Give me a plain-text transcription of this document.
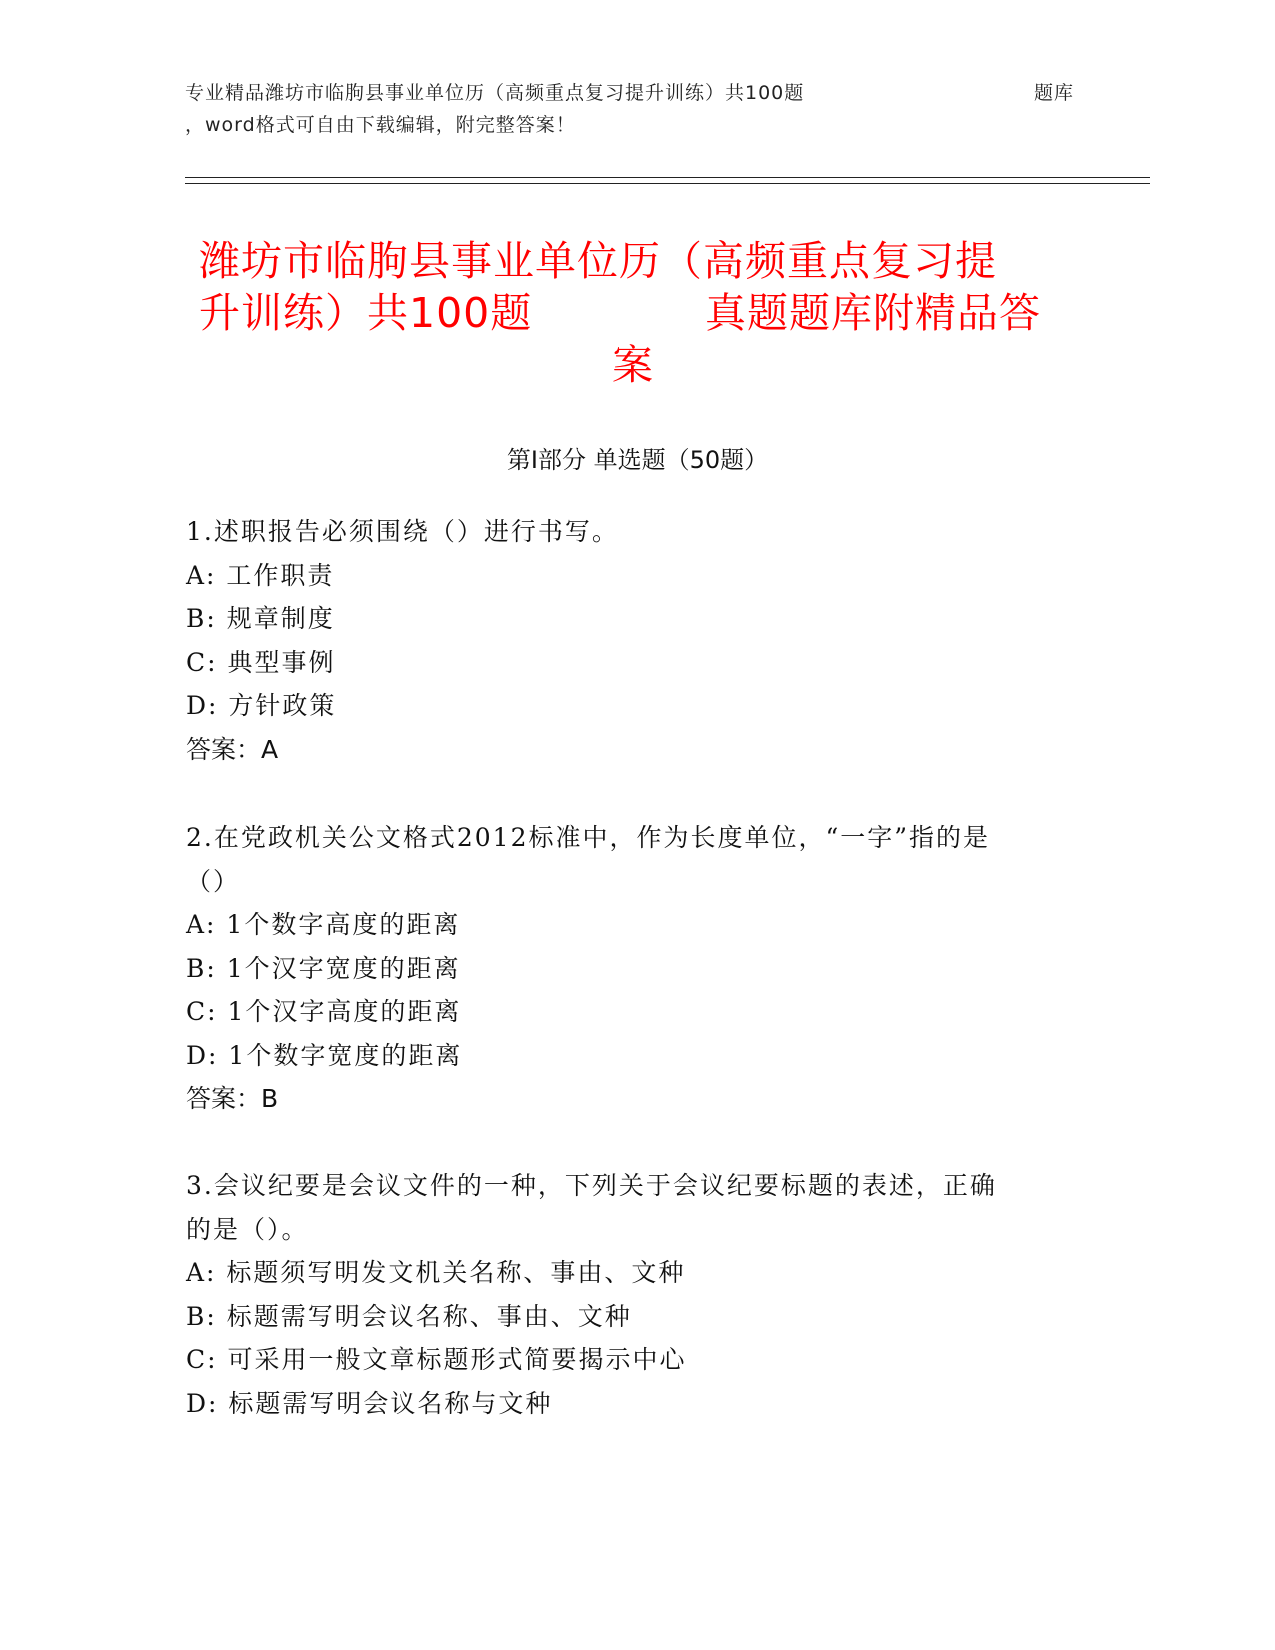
专业精品潍坊市临朐县事业单位历（高频重点复习提升训练）共100题	题库
，word格式可自由下载编辑，附完整答案！
潍坊市临朐县事业单位历（高频重点复习提
升训练）共100题	真题题库附精品答
案
第I部分 单选题（50题）
1.述职报告必须围绕（）进行书写。
A: 工作职责
B: 规章制度
C: 典型事例
D: 方针政策
答案：A
2.在党政机关公文格式2012标准中，作为长度单位，“一字”指的是
（）
A: 1个数字高度的距离
B: 1个汉字宽度的距离
C: 1个汉字高度的距离
D: 1个数字宽度的距离
答案：B
3.会议纪要是会议文件的一种，下列关于会议纪要标题的表述，正确
的是（）。
A: 标题须写明发文机关名称、事由、文种
B: 标题需写明会议名称、事由、文种
C: 可采用一般文章标题形式简要揭示中心
D: 标题需写明会议名称与文种
